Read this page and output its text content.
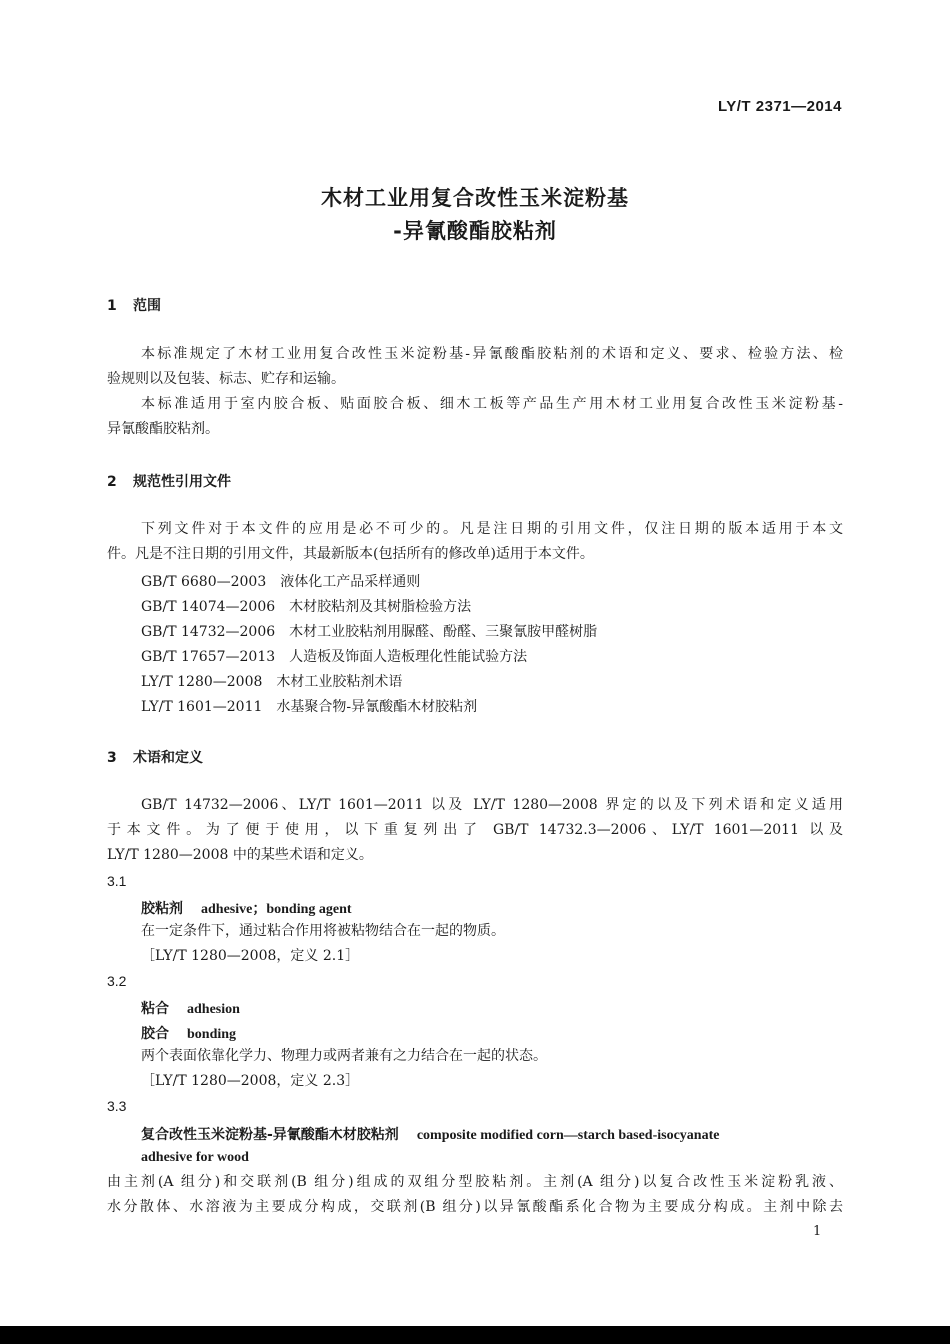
LY/T 2371—2014
木材工业用复合改性玉米淀粉基
-异氰酸酯胶粘剂
1 范围
本标准规定了木材工业用复合改性玉米淀粉基-异氰酸酯胶粘剂的术语和定义、要求、检验方法、检
验规则以及包装、标志、贮存和运输。
本标准适用于室内胶合板、贴面胶合板、细木工板等产品生产用木材工业用复合改性玉米淀粉基-
异氰酸酯胶粘剂。
2 规范性引用文件
下列文件对于本文件的应用是必不可少的。凡是注日期的引用文件，仅注日期的版本适用于本文
件。凡是不注日期的引用文件，其最新版本(包括所有的修改单)适用于本文件。
GB/T 6680—2003 液体化工产品采样通则
GB/T 14074—2006 木材胶粘剂及其树脂检验方法
GB/T 14732—2006 木材工业胶粘剂用脲醛、酚醛、三聚氰胺甲醛树脂
GB/T 17657—2013 人造板及饰面人造板理化性能试验方法
LY/T 1280—2008 木材工业胶粘剂术语
LY/T 1601—2011 水基聚合物-异氰酸酯木材胶粘剂
3 术语和定义
GB/T 14732—2006、LY/T 1601—2011 以及 LY/T 1280—2008 界定的以及下列术语和定义适用
于本文件。为了便于使用，以下重复列出了 GB/T 14732.3—2006、LY/T 1601—2011 以及
LY/T 1280—2008 中的某些术语和定义。
3.1
胶粘剂 adhesive；bonding agent
在一定条件下，通过粘合作用将被粘物结合在一起的物质。
［LY/T 1280—2008，定义 2.1］
3.2
粘合 adhesion
胶合 bonding
两个表面依靠化学力、物理力或两者兼有之力结合在一起的状态。
［LY/T 1280—2008，定义 2.3］
3.3
复合改性玉米淀粉基-异氰酸酯木材胶粘剂 composite modified corn—starch based-isocyanate
adhesive for wood
由主剂(A 组分)和交联剂(B 组分)组成的双组分型胶粘剂。主剂(A 组分)以复合改性玉米淀粉乳液、
水分散体、水溶液为主要成分构成，交联剂(B 组分)以异氰酸酯系化合物为主要成分构成。主剂中除去
1
